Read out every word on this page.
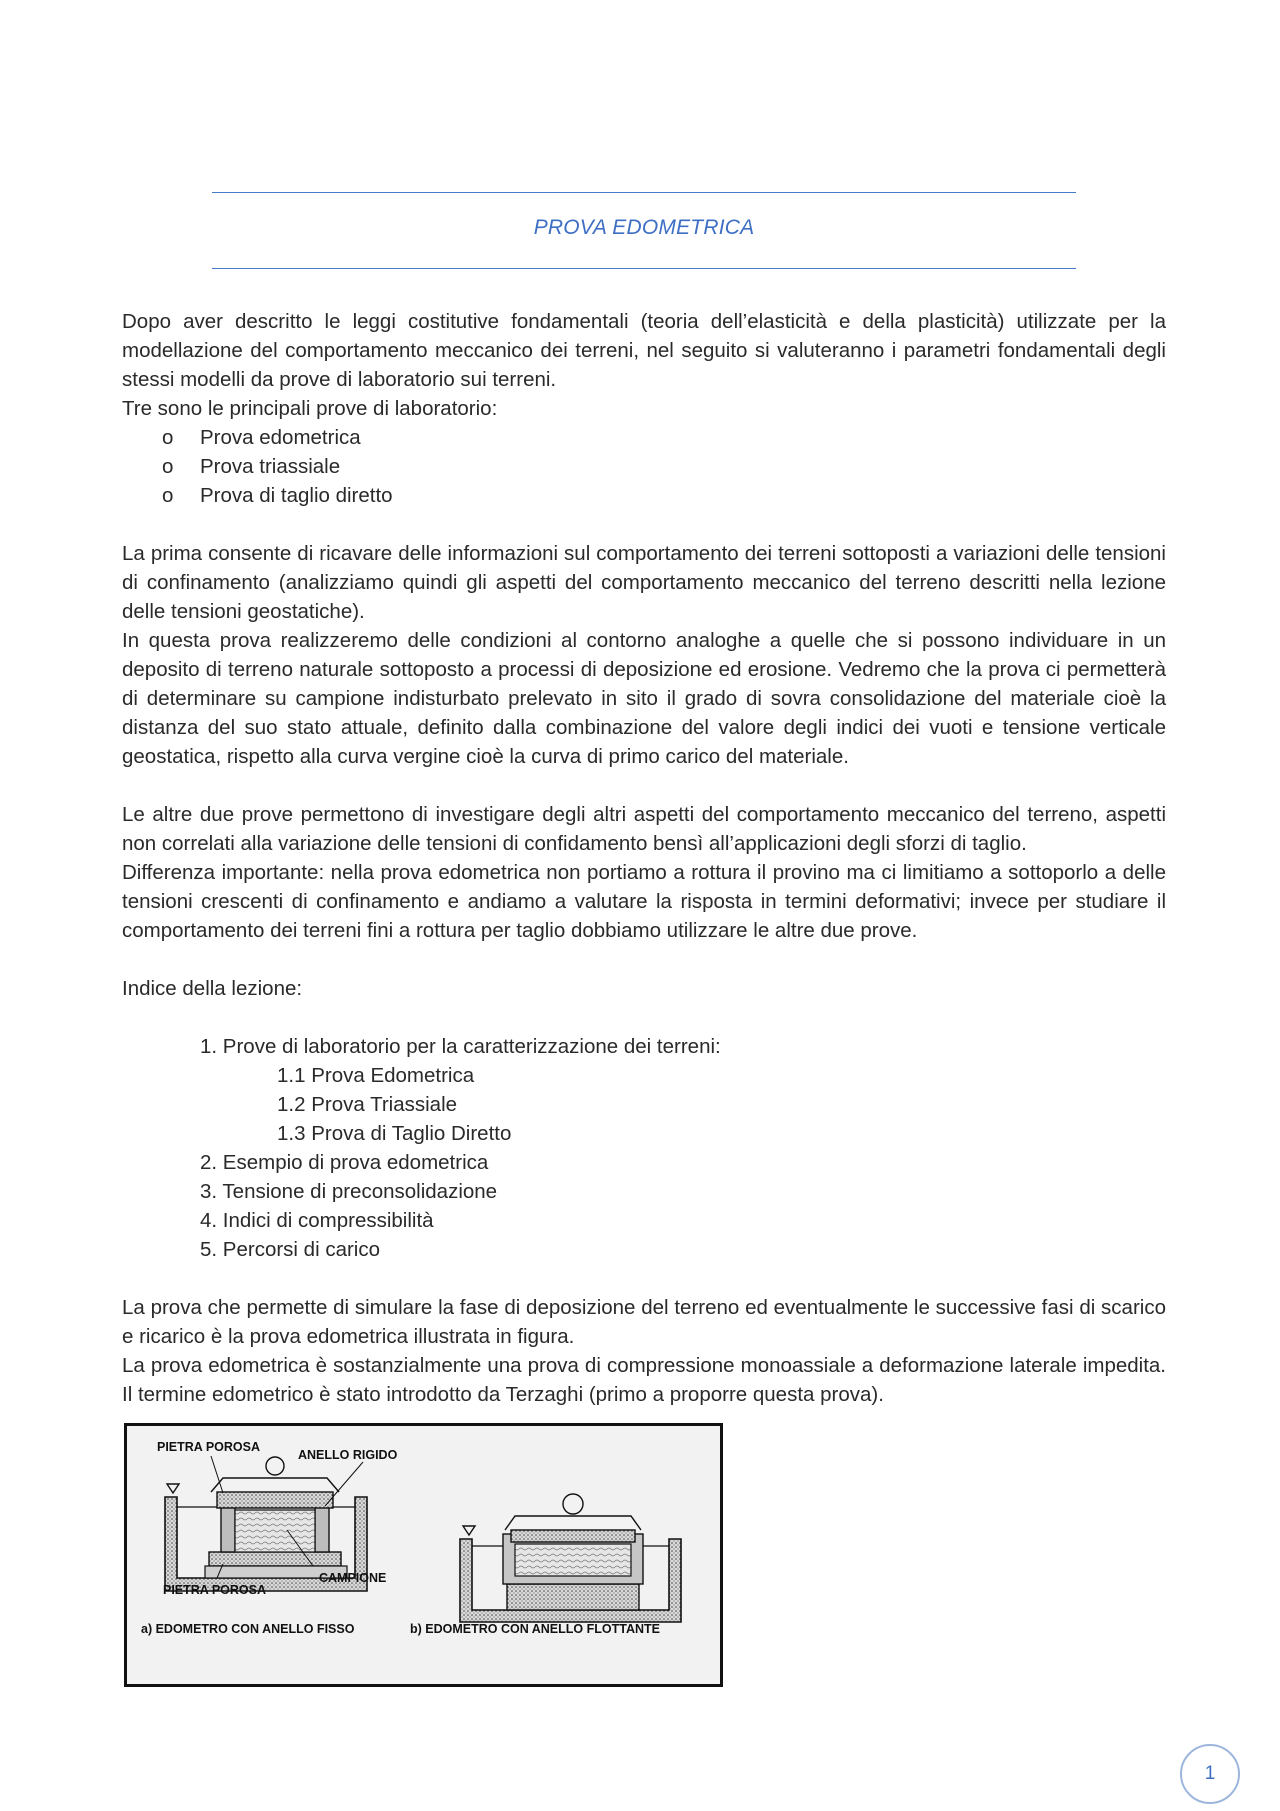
PROVA EDOMETRICA

Dopo aver descritto le leggi costitutive fondamentali (teoria dell’elasticità e della plasticità) utilizzate per la modellazione del comportamento meccanico dei terreni, nel seguito si valuteranno i parametri fondamentali degli stessi modelli da prove di laboratorio sui terreni.

Tre sono le principali prove di laboratorio:

o Prova edometrica
o Prova triassiale
o Prova di taglio diretto

La prima consente di ricavare delle informazioni sul comportamento dei terreni sottoposti a variazioni delle tensioni di confinamento (analizziamo quindi gli aspetti del comportamento meccanico del terreno descritti nella lezione delle tensioni geostatiche).

In questa prova realizzeremo delle condizioni al contorno analoghe a quelle che si possono individuare in un deposito di terreno naturale sottoposto a processi di deposizione ed erosione. Vedremo che la prova ci permetterà di determinare su campione indisturbato prelevato in sito il grado di sovra consolidazione del materiale cioè la distanza del suo stato attuale, definito dalla combinazione del valore degli indici dei vuoti e tensione verticale geostatica, rispetto alla curva vergine cioè la curva di primo carico del materiale.

Le altre due prove permettono di investigare degli altri aspetti del comportamento meccanico del terreno, aspetti non correlati alla variazione delle tensioni di confidamento bensì all’applicazioni degli sforzi di taglio.

Differenza importante: nella prova edometrica non portiamo a rottura il provino ma ci limitiamo a sottoporlo a delle tensioni crescenti di confinamento e andiamo a valutare la risposta in termini deformativi; invece per studiare il comportamento dei terreni fini a rottura per taglio dobbiamo utilizzare le altre due prove.

Indice della lezione:

1. Prove di laboratorio per la caratterizzazione dei terreni:
1.1 Prova Edometrica
1.2 Prova Triassiale
1.3 Prova di Taglio Diretto
2. Esempio di prova edometrica
3. Tensione di preconsolidazione
4. Indici di compressibilità
5. Percorsi di carico

La prova che permette di simulare la fase di deposizione del terreno ed eventualmente le successive fasi di scarico e ricarico è la prova edometrica illustrata in figura.

La prova edometrica è sostanzialmente una prova di compressione monoassiale a deformazione laterale impedita. Il termine edometrico è stato introdotto da Terzaghi (primo a proporre questa prova).

PIETRA POROSA
ANELLO RIGIDO
PIETRA POROSA
CAMPIONE
a) EDOMETRO CON ANELLO FISSO	b) EDOMETRO CON ANELLO FLOTTANTE
1
